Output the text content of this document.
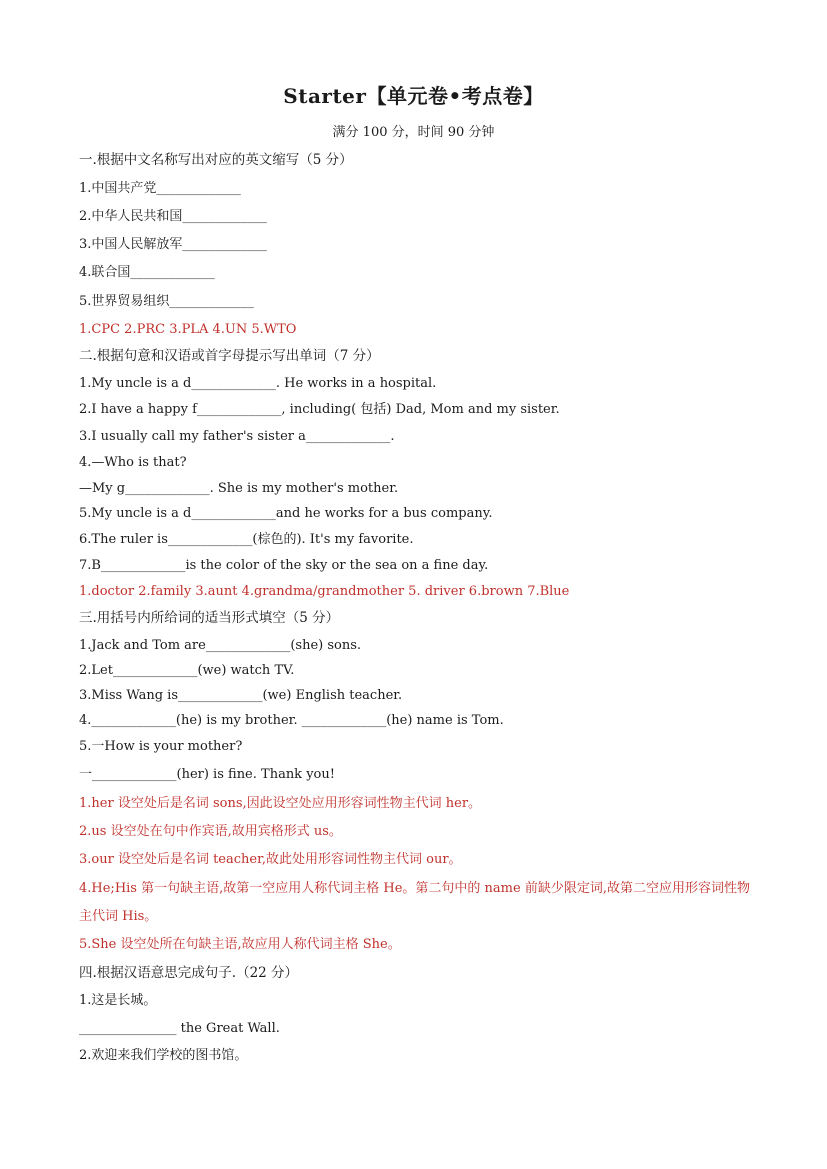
Starter【单元卷•考点卷】
满分 100 分，时间 90 分钟
一.根据中文名称写出对应的英文缩写（5 分）
1.中国共产党_____________
2.中华人民共和国_____________
3.中国人民解放军_____________
4.联合国_____________
5.世界贸易组织_____________
1.CPC 2.PRC 3.PLA 4.UN 5.WTO
二.根据句意和汉语或首字母提示写出单词（7 分）
1.My uncle is a d_____________. He works in a hospital.
2.I have a happy f_____________, including( 包括) Dad, Mom and my sister.
3.I usually call my father's sister a_____________.
4.—Who is that?
—My g_____________. She is my mother's mother.
5.My uncle is a d_____________and he works for a bus company.
6.The ruler is_____________(棕色的). It's my favorite.
7.B_____________is the color of the sky or the sea on a fine day.
1.doctor 2.family 3.aunt 4.grandma/grandmother 5. driver 6.brown 7.Blue
三.用括号内所给词的适当形式填空（5 分）
1.Jack and Tom are_____________(she) sons.
2.Let_____________(we) watch TV.
3.Miss Wang is_____________(we) English teacher.
4._____________(he) is my brother. _____________(he) name is Tom.
5.一How is your mother?
一_____________(her) is fine. Thank you!
1.her 设空处后是名词 sons,因此设空处应用形容词性物主代词 her。
2.us 设空处在句中作宾语,故用宾格形式 us。
3.our 设空处后是名词 teacher,故此处用形容词性物主代词 our。
4.He;His 第一句缺主语,故第一空应用人称代词主格 He。第二句中的 name 前缺少限定词,故第二空应用形容词性物主代词 His。
5.She 设空处所在句缺主语,故应用人称代词主格 She。
四.根据汉语意思完成句子.（22 分）
1.这是长城。
_______________ the Great Wall.
2.欢迎来我们学校的图书馆。
